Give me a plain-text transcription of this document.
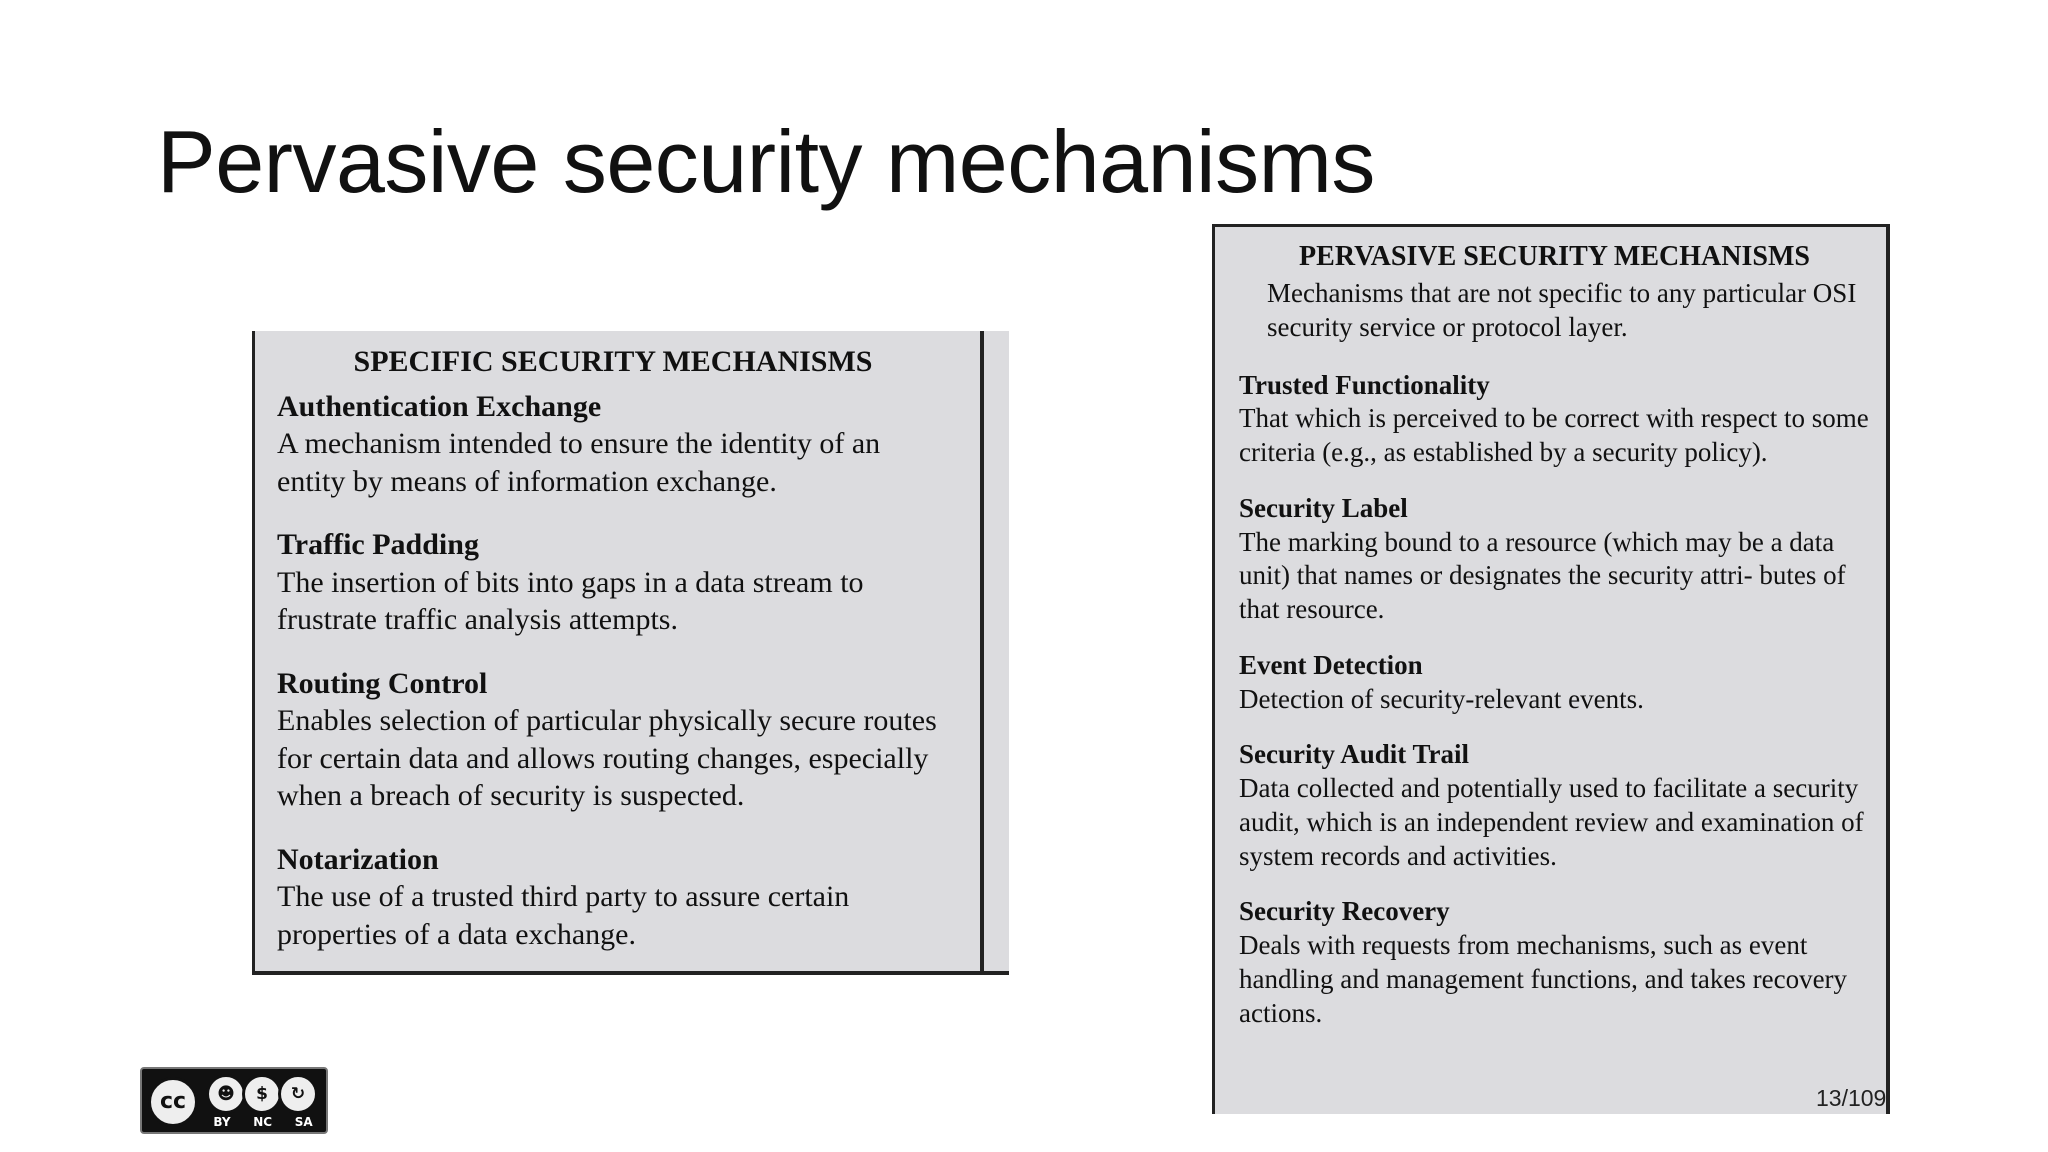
Pervasive security mechanisms
SPECIFIC SECURITY MECHANISMS
Authentication Exchange
A mechanism intended to ensure the identity of an entity by means of information exchange.
Traffic Padding
The insertion of bits into gaps in a data stream to frustrate traffic analysis attempts.
Routing Control
Enables selection of particular physically secure routes for certain data and allows routing changes, especially when a breach of security is suspected.
Notarization
The use of a trusted third party to assure certain properties of a data exchange.
PERVASIVE SECURITY MECHANISMS

Mechanisms that are not specific to any particular OSI security service or protocol layer.

Trusted Functionality
That which is perceived to be correct with respect to some criteria (e.g., as established by a security policy).
Security Label
The marking bound to a resource (which may be a data unit) that names or designates the security attri- butes of that resource.
Event Detection
Detection of security-relevant events.
Security Audit Trail
Data collected and potentially used to facilitate a security audit, which is an independent review and examination of system records and activities.
Security Recovery
Deals with requests from mechanisms, such as event handling and management functions, and takes recovery actions.
13/109
cc	☻	$	↻
BY NC SA
